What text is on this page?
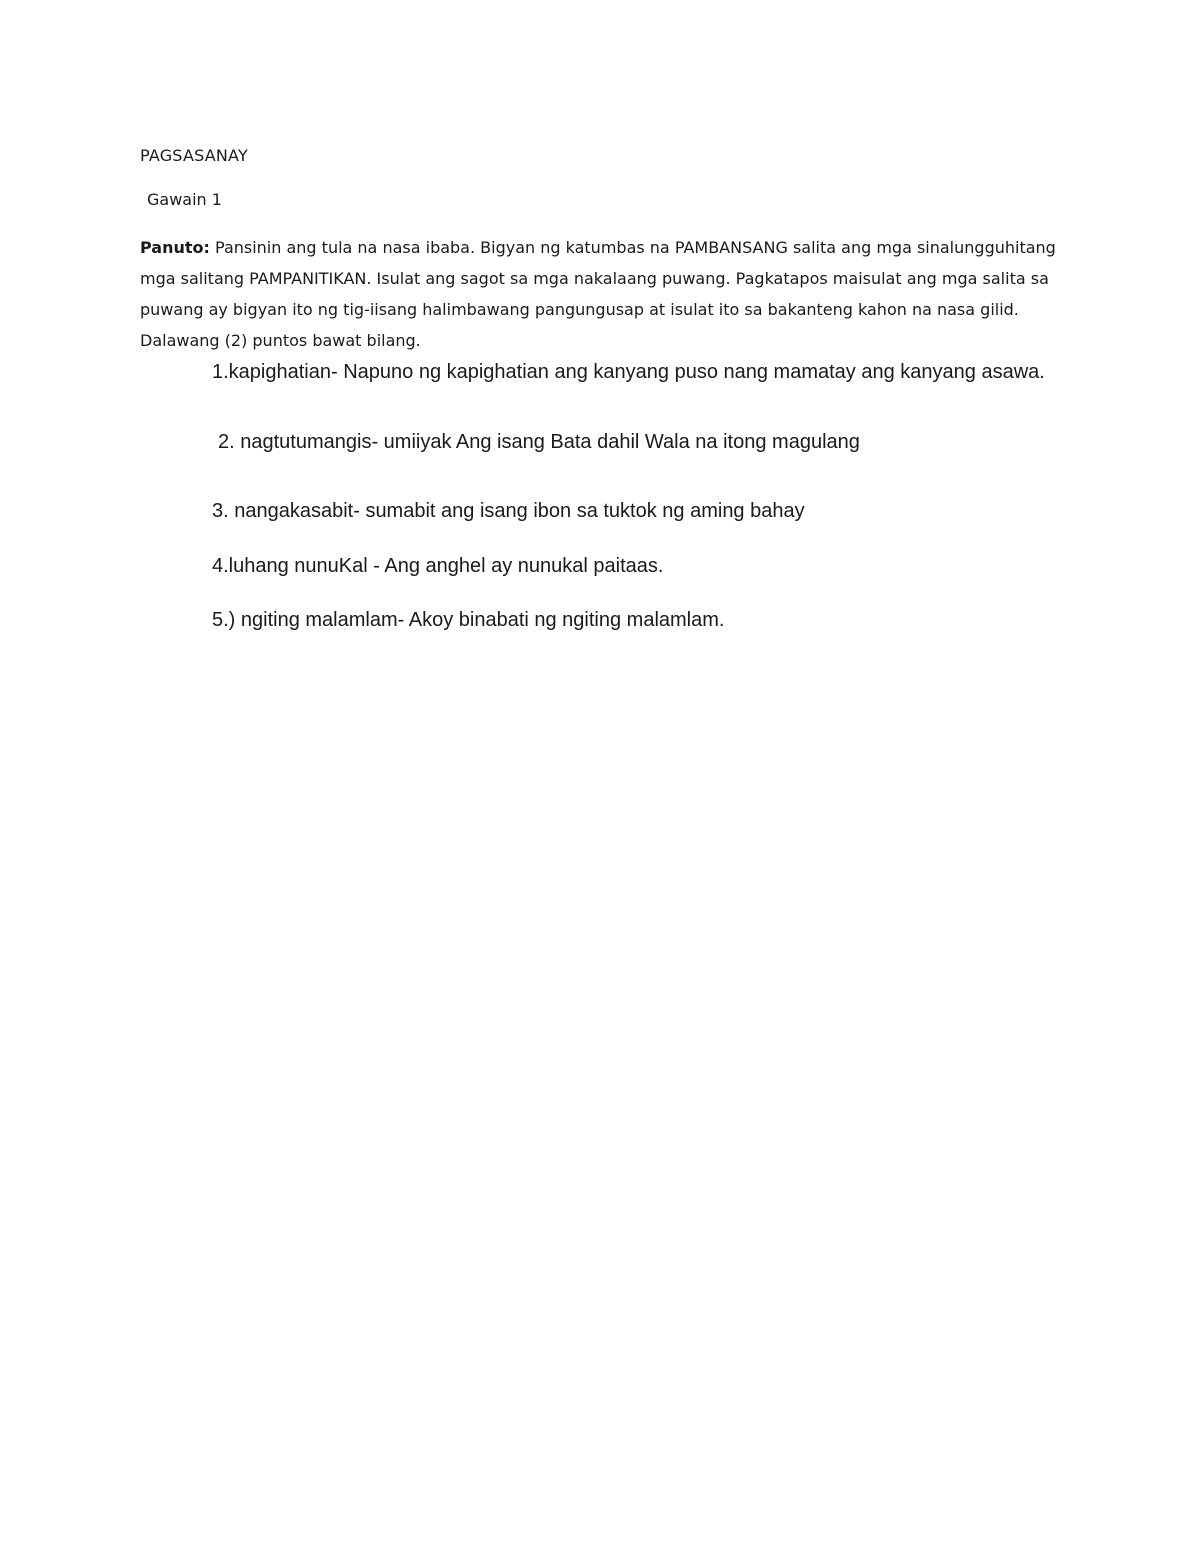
PAGSASANAY
Gawain 1

Panuto: Pansinin ang tula na nasa ibaba. Bigyan ng katumbas na PAMBANSANG salita ang mga sinalungguhitang mga salitang PAMPANITIKAN. Isulat ang sagot sa mga nakalaang puwang. Pagkatapos maisulat ang mga salita sa puwang ay bigyan ito ng tig-iisang halimbawang pangungusap at isulat ito sa bakanteng kahon na nasa gilid. Dalawang (2) puntos bawat bilang.

1.kapighatian- Napuno ng kapighatian ang kanyang puso nang mamatay ang kanyang asawa.
2. nagtutumangis- umiiyak Ang isang Bata dahil Wala na itong magulang
3. nangakasabit- sumabit ang isang ibon sa tuktok ng aming bahay
4.luhang nunuKal - Ang anghel ay nunukal paitaas.
5.) ngiting malamlam- Akoy binabati ng ngiting malamlam.
